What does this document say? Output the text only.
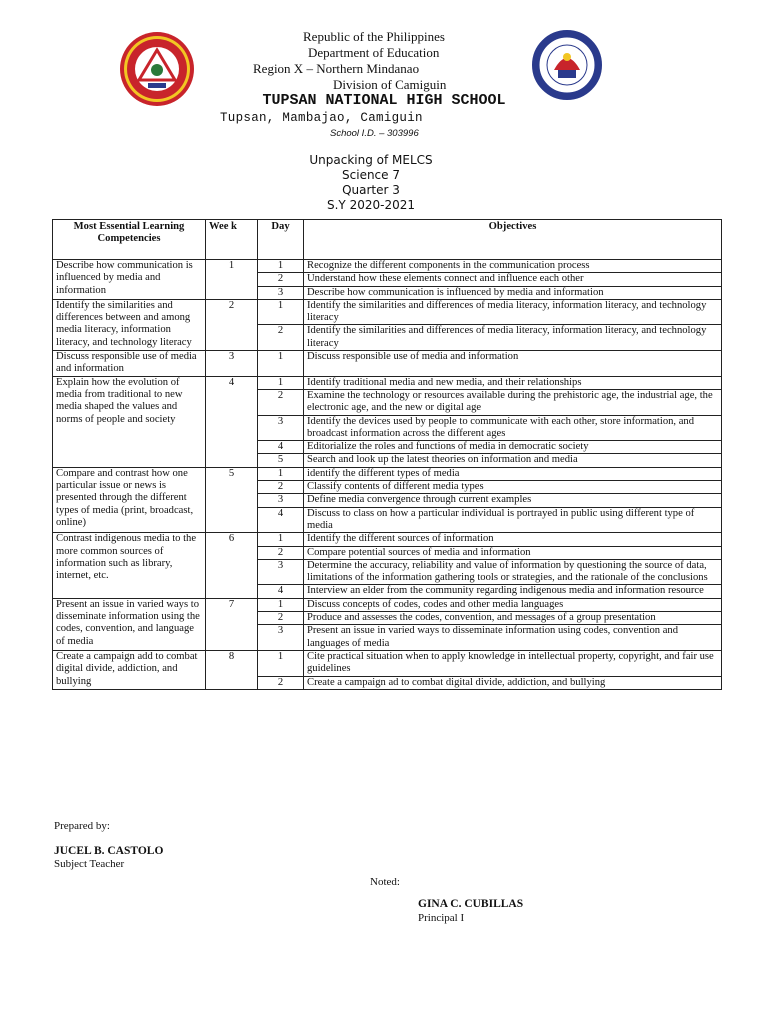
Republic of the Philippines
Department of Education
Region X – Northern Mindanao
Division of Camiguin
TUPSAN NATIONAL HIGH SCHOOL
Tupsan, Mambajao, Camiguin
School I.D. – 303996
Unpacking of MELCS
Science 7
Quarter 3
S.Y 2020-2021
Most Essential Learning Competencies	Wee k	Day	Objectives
Describe how communication is influenced by media and information	1	1	Recognize the different components in the communication process
		2	Understand how these elements connect and influence each other
		3	Describe how communication is influenced by media and information
Identify the similarities and differences between and among media literacy, information literacy, and technology literacy	2	1	Identify the similarities and differences of media literacy, information literacy, and technology literacy
		2	Identify the similarities and differences of media literacy, information literacy, and technology literacy
Discuss responsible use of media and information	3	1	Discuss responsible use of media and information
Explain how the evolution of media from traditional to new media shaped the values and norms of people and society	4	1	Identify traditional media and new media, and their relationships
		2	Examine the technology or resources available during the prehistoric age, the industrial age, the electronic age, and the new or digital age
		3	Identify the devices used by people to communicate with each other, store information, and broadcast information across the different ages
		4	Editorialize the roles and functions of media in democratic society
		5	Search and look up the latest theories on information and media
Compare and contrast how one particular issue or news is presented through the different types of media (print, broadcast, online)	5	1	identify the different types of media
		2	Classify contents of different media types
		3	Define media convergence through current examples
		4	Discuss to class on how a particular individual is portrayed in public using different type of media
Contrast indigenous media to the more common sources of information such as library, internet, etc.	6	1	Identify the different sources of information
		2	Compare potential sources of media and information
		3	Determine the accuracy, reliability and value of information by questioning the source of data, limitations of the information gathering tools or strategies, and the rationale of the conclusions
		4	Interview an elder from the community regarding indigenous media and information resource
Present an issue in varied ways to disseminate information using the codes, convention, and language of media	7	1	Discuss concepts of codes, codes and other media languages
		2	Produce and assesses the codes, convention, and messages of a group presentation
		3	Present an issue in varied ways to disseminate information using codes, convention and languages of media
Create a campaign add to combat digital divide, addiction, and bullying	8	1	Cite practical situation when to apply knowledge in intellectual property, copyright, and fair use guidelines
		2	Create a campaign ad to combat digital divide, addiction, and bullying
Prepared by:
JUCEL B. CASTOLO
Subject Teacher
Noted:
GINA C. CUBILLAS
Principal I
